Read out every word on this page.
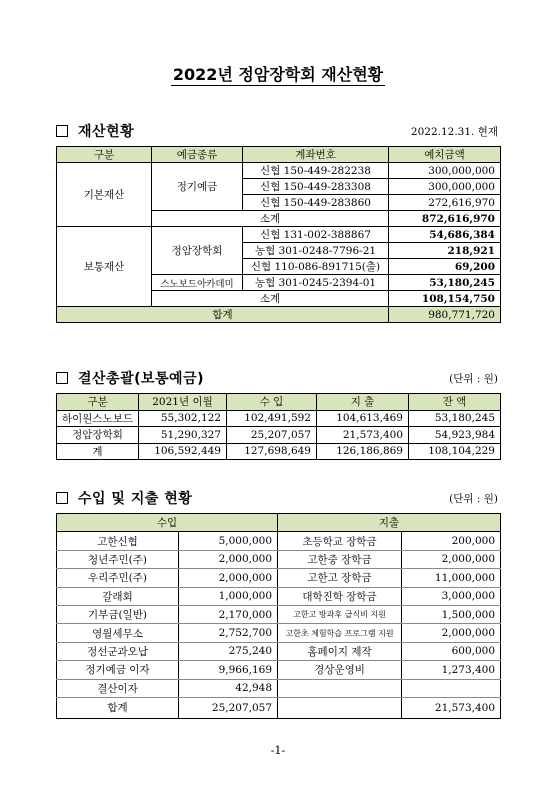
2022년 정암장학회 재산현황
재산현황	2022.12.31. 현재
구분	예금종류	계좌번호	예치금액
기본재산	정기예금	신협 150-449-282238	300,000,000
		신협 150-449-283308	300,000,000
		신협 150-449-283860	272,616,970
	소계		872,616,970
보통재산	정암장학회	신협 131-002-388867	54,686,384
		농협 301-0248-7796-21	218,921
		신협 110-086-891715(출)	69,200
	스노보드아카데미	농협 301-0245-2394-01	53,180,245
	소계		108,154,750
합계			980,771,720
결산총괄(보통예금)	(단위 : 원)
구분	2021년 이월	수 입	지 출	잔 액
하이원스노보드	55,302,122	102,491,592	104,613,469	53,180,245
정암장학회	51,290,327	25,207,057	21,573,400	54,923,984
계	106,592,449	127,698,649	126,186,869	108,104,229
수입 및 지출 현황	(단위 : 원)
수입		지출	
고한신협	5,000,000	초등학교 장학금	200,000
청년주민(주)	2,000,000	고한중 장학금	2,000,000
우리주민(주)	2,000,000	고한고 장학금	11,000,000
갈래회	1,000,000	대학진학 장학금	3,000,000
기부금(일반)	2,170,000	고한고 방과후 급식비 지원	1,500,000
영월세무소	2,752,700	고한초 체험학습 프로그램 지원	2,000,000
정선군과오납	275,240	홈페이지 제작	600,000
정기예금 이자	9,966,169	경상운영비	1,273,400
결산이자	42,948		
합계	25,207,057		21,573,400
-1-
